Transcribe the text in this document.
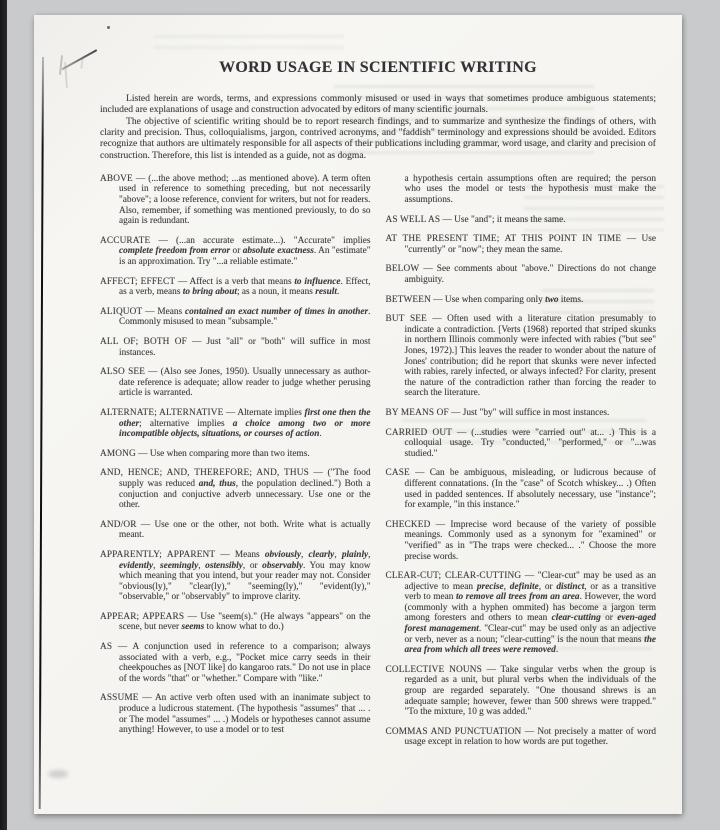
WORD USAGE IN SCIENTIFIC WRITING

Listed herein are words, terms, and expressions commonly misused or used in ways that sometimes produce ambiguous statements; included are explanations of usage and construction advocated by editors of many scientific journals.

The objective of scientific writing should be to report research findings, and to summarize and synthesize the findings of others, with clarity and precision. Thus, colloquialisms, jargon, contrived acronyms, and "faddish" terminology and expressions should be avoided. Editors recognize that authors are ultimately responsible for all aspects of their publications including grammar, word usage, and clarity and precision of construction. Therefore, this list is intended as a guide, not as dogma.

ABOVE — (...the above method; ...as mentioned above). A term often used in reference to something preceding, but not necessarily "above"; a loose reference, convient for writers, but not for readers. Also, remember, if something was mentioned previously, to do so again is redundant.
ACCURATE — (...an accurate estimate...). "Accurate" implies complete freedom from error or absolute exactness. An "estimate" is an approximation. Try "...a reliable estimate."
AFFECT; EFFECT — Affect is a verb that means to influence. Effect, as a verb, means to bring about; as a noun, it means result.
ALIQUOT — Means contained an exact number of times in another. Commonly misused to mean "subsample."
ALL OF; BOTH OF — Just "all" or "both" will suffice in most instances.
ALSO SEE — (Also see Jones, 1950). Usually unnecessary as author-date reference is adequate; allow reader to judge whether perusing article is warranted.
ALTERNATE; ALTERNATIVE — Alternate implies first one then the other; alternative implies a choice among two or more incompatible objects, situations, or courses of action.
AMONG — Use when comparing more than two items.
AND, HENCE; AND, THEREFORE; AND, THUS — ("The food supply was reduced and, thus, the population declined.") Both a conjuction and conjuctive adverb unnecessary. Use one or the other.
AND/OR — Use one or the other, not both. Write what is actually meant.
APPARENTLY; APPARENT — Means obviously, clearly, plainly, evidently, seemingly, ostensibly, or observably. You may know which meaning that you intend, but your reader may not. Consider "obvious(ly)," "clear(ly)," "seeming(ly)," "evident(ly)," "observable," or "observably" to improve clarity.
APPEAR; APPEARS — Use "seem(s)." (He always "appears" on the scene, but never seems to know what to do.)
AS — A conjunction used in reference to a comparison; always associated with a verb, e.g., "Pocket mice carry seeds in their cheekpouches as [NOT like] do kangaroo rats." Do not use in place of the words "that" or "whether." Compare with "like."
ASSUME — An active verb often used with an inanimate subject to produce a ludicrous statement. (The hypothesis "assumes" that ... . or The model "assumes" ... .) Models or hypotheses cannot assume anything! However, to use a model or to test
a hypothesis certain assumptions often are required; the person who uses the model or tests the hypothesis must make the assumptions.
AS WELL AS — Use "and"; it means the same.
AT THE PRESENT TIME; AT THIS POINT IN TIME — Use "currently" or "now"; they mean the same.
BELOW — See comments about "above." Directions do not change ambiguity.
BETWEEN — Use when comparing only two items.
BUT SEE — Often used with a literature citation presumably to indicate a contradiction. [Verts (1968) reported that striped skunks in northern Illinois commonly were infected with rabies ("but see" Jones, 1972).] This leaves the reader to wonder about the nature of Jones' contribution; did he report that skunks were never infected with rabies, rarely infected, or always infected? For clarity, present the nature of the contradiction rather than forcing the reader to search the literature.
BY MEANS OF — Just "by" will suffice in most instances.
CARRIED OUT — (...studies were "carried out" at... .) This is a colloquial usage. Try "conducted," "performed," or "...was studied."
CASE — Can be ambiguous, misleading, or ludicrous because of different connatations. (In the "case" of Scotch whiskey... .) Often used in padded sentences. If absolutely necessary, use "instance"; for example, "in this instance."
CHECKED — Imprecise word because of the variety of possible meanings. Commonly used as a synonym for "examined" or "verified" as in "The traps were checked... ." Choose the more precise words.
CLEAR-CUT; CLEAR-CUTTING — "Clear-cut" may be used as an adjective to mean precise, definite, or distinct, or as a transitive verb to mean to remove all trees from an area. However, the word (commonly with a hyphen ommited) has become a jargon term among foresters and others to mean clear-cutting or even-aged forest management. "Clear-cut" may be used only as an adjective or verb, never as a noun; "clear-cutting" is the noun that means the area from which all trees were removed.
COLLECTIVE NOUNS — Take singular verbs when the group is regarded as a unit, but plural verbs when the individuals of the group are regarded separately. "One thousand shrews is an adequate sample; however, fewer than 500 shrews were trapped." "To the mixture, 10 g was added."
COMMAS AND PUNCTUATION — Not precisely a matter of word usage except in relation to how words are put together.
